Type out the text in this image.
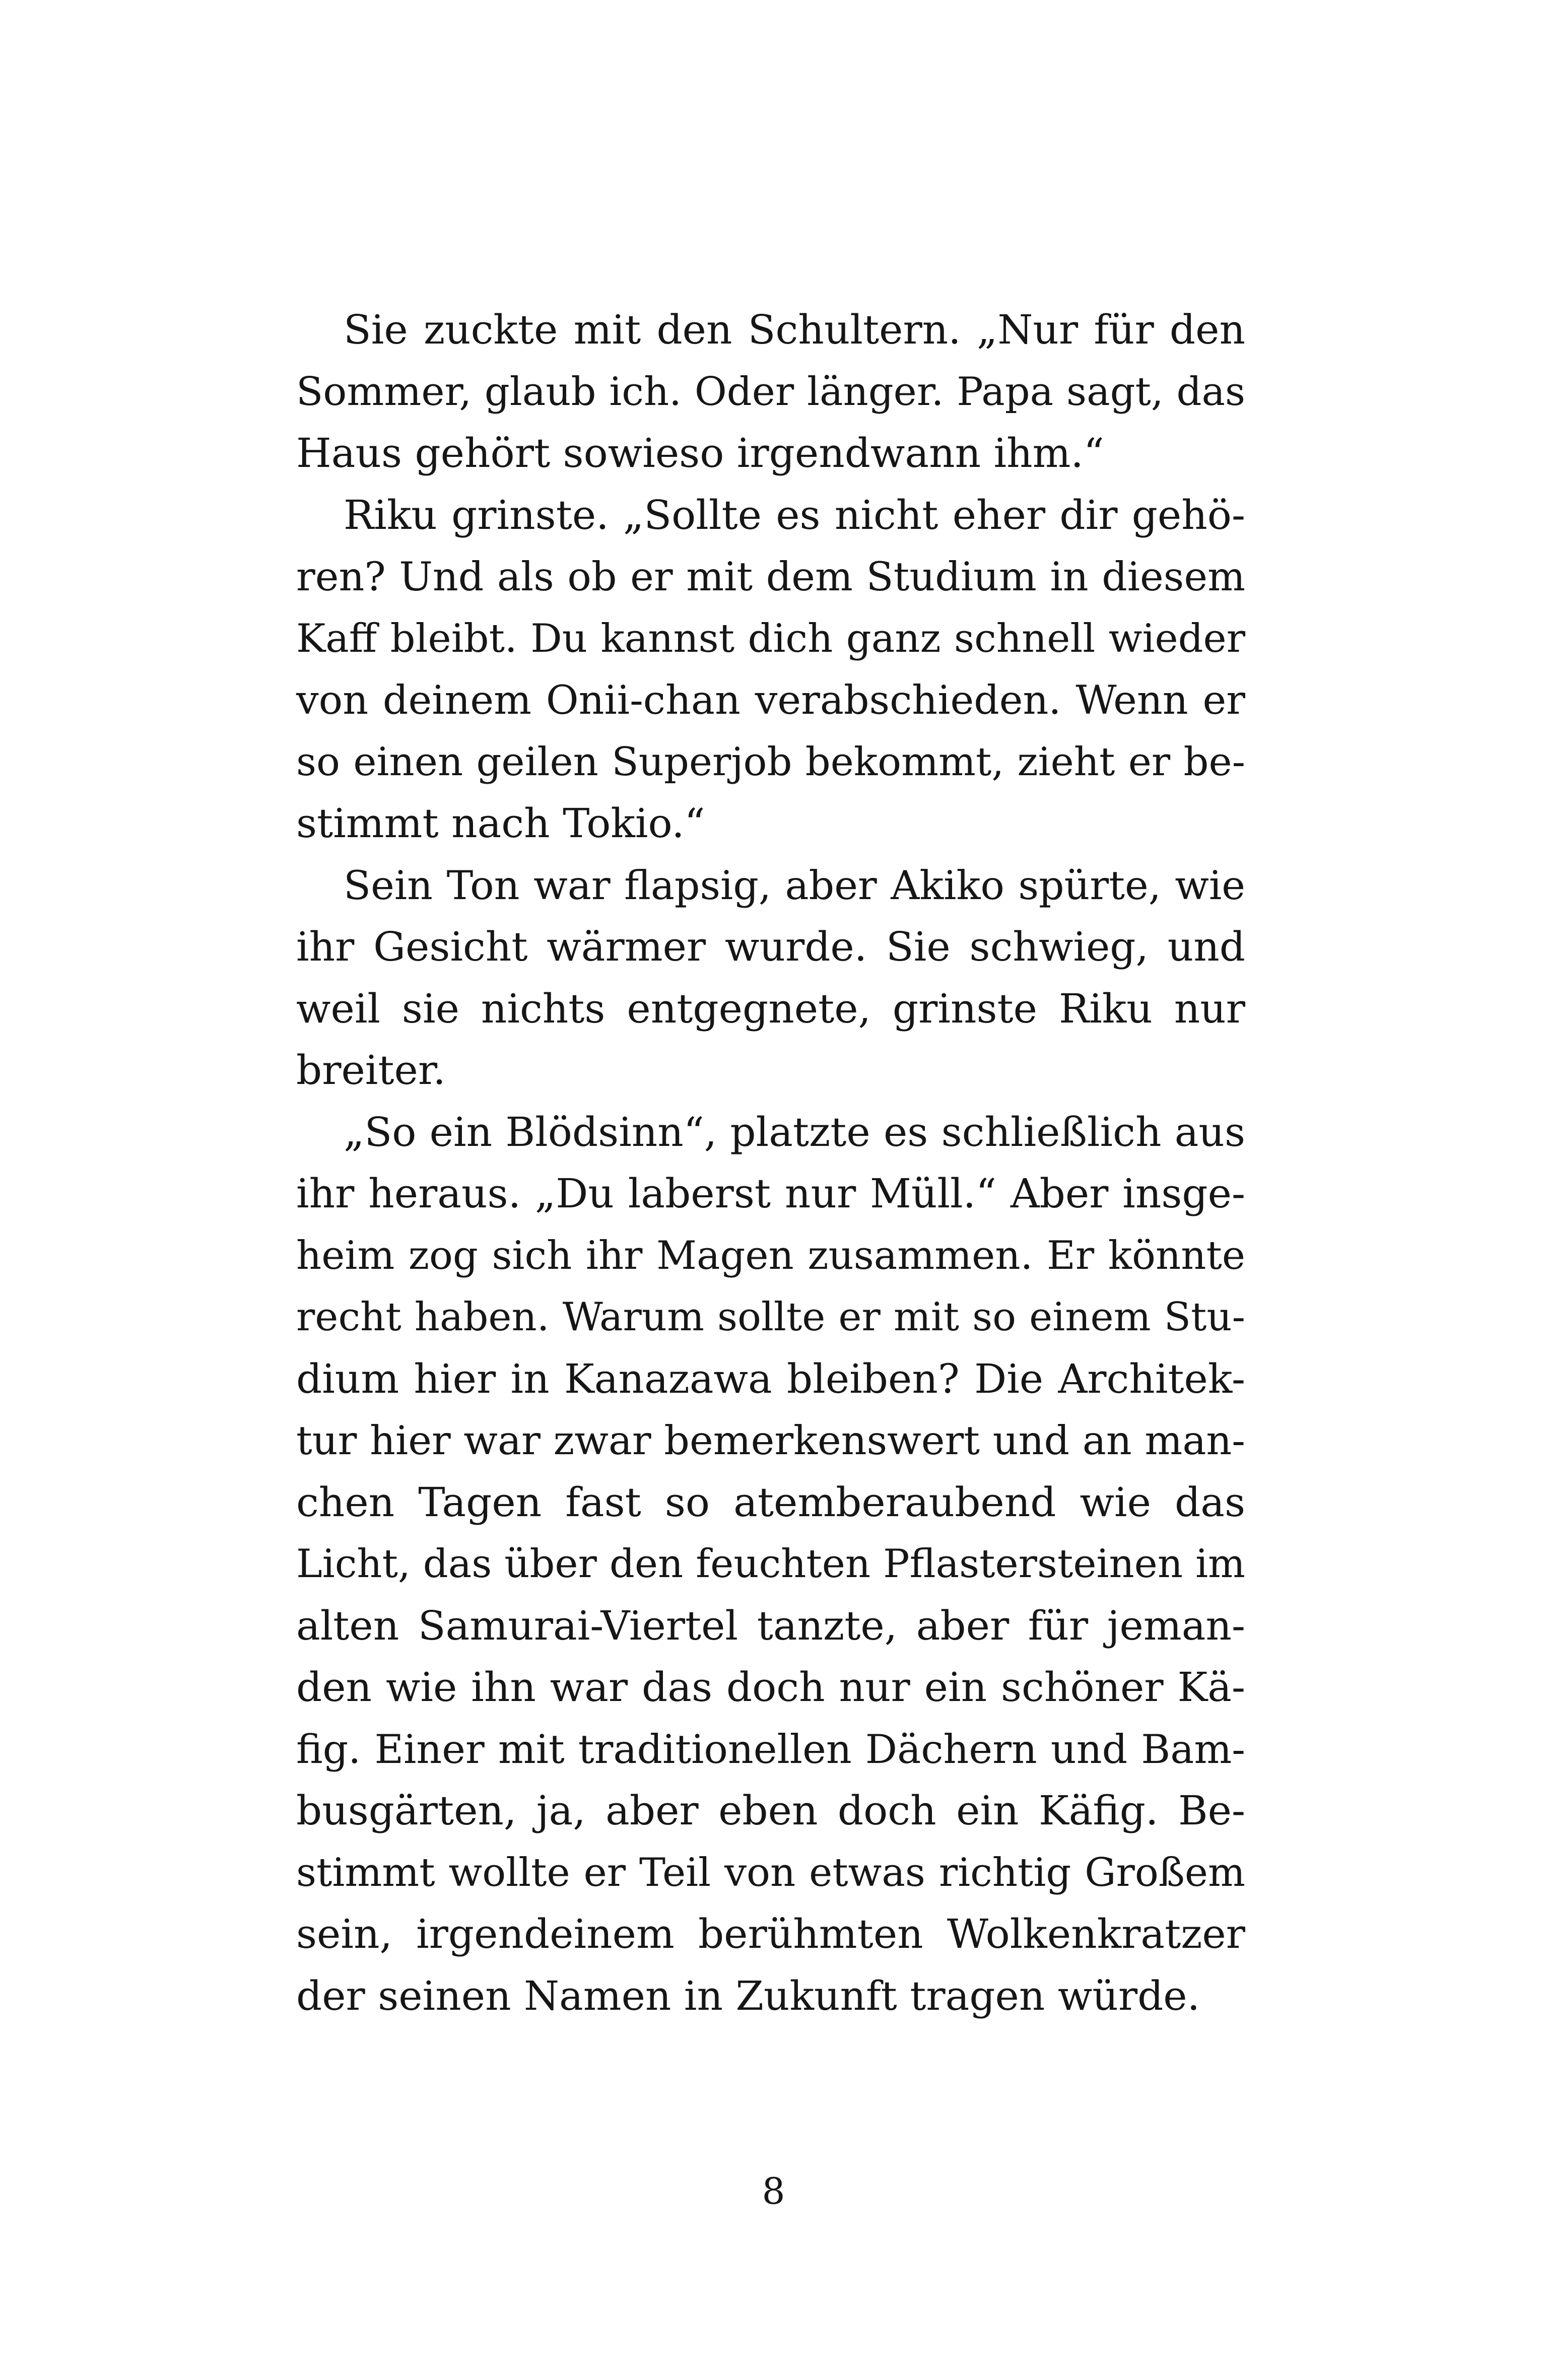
Sie zuckte mit den Schultern. „Nur für den
Sommer, glaub ich. Oder länger. Papa sagt, das
Haus gehört sowieso irgendwann ihm.“
Riku grinste. „Sollte es nicht eher dir gehö-
ren? Und als ob er mit dem Studium in diesem
Kaff bleibt. Du kannst dich ganz schnell wieder
von deinem Onii-chan verabschieden. Wenn er
so einen geilen Superjob bekommt, zieht er be-
stimmt nach Tokio.“
Sein Ton war flapsig, aber Akiko spürte, wie
ihr Gesicht wärmer wurde. Sie schwieg, und
weil sie nichts entgegnete, grinste Riku nur
breiter.
„So ein Blödsinn“, platzte es schließlich aus
ihr heraus. „Du laberst nur Müll.“ Aber insge-
heim zog sich ihr Magen zusammen. Er könnte
recht haben. Warum sollte er mit so einem Stu-
dium hier in Kanazawa bleiben? Die Architek-
tur hier war zwar bemerkenswert und an man-
chen Tagen fast so atemberaubend wie das
Licht, das über den feuchten Pflastersteinen im
alten Samurai-Viertel tanzte, aber für jeman-
den wie ihn war das doch nur ein schöner Kä-
fig. Einer mit traditionellen Dächern und Bam-
busgärten, ja, aber eben doch ein Käfig. Be-
stimmt wollte er Teil von etwas richtig Großem
sein, irgendeinem berühmten Wolkenkratzer
der seinen Namen in Zukunft tragen würde.
8
